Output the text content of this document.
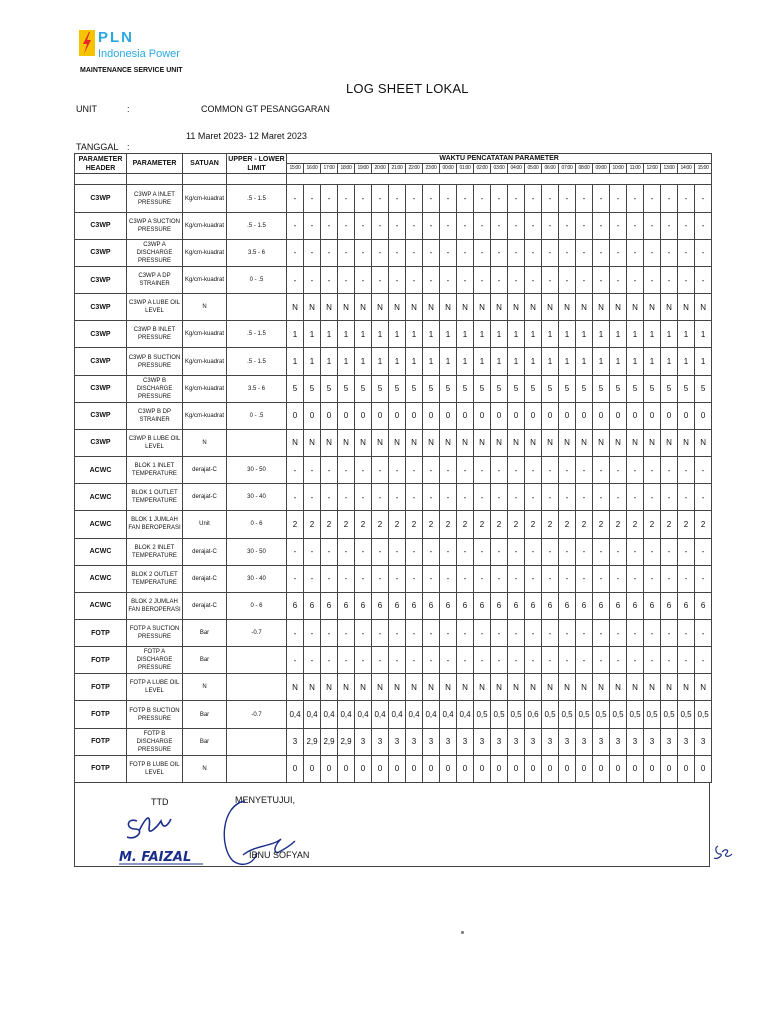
PLN
Indonesia Power
MAINTENANCE SERVICE UNIT
LOG SHEET LOKAL
UNIT	:	COMMON GT PESANGGARAN
11 Maret 2023- 12 Maret 2023
TANGGAL :
PARAMETER HEADER	PARAMETER	SATUAN	UPPER - LOWER LIMIT	WAKTU PENCATATAN PARAMETER																								
				15:00	16:00	17:00	18:00	19:00	20:00	21:00	22:00	23:00	00:00	01:00	02:00	03:00	04:00	05:00	06:00	07:00	08:00	09:00	10:00	11:00	12:00	13:00	14:00	15:00

C3WP	C3WP A INLET PRESSURE	Kg/cm-kuadrat	.5 - 1.5	-	-	-	-	-	-	-	-	-	-	-	-	-	-	-	-	-	-	-	-	-	-	-	-	-
C3WP	C3WP A SUCTION PRESSURE	Kg/cm-kuadrat	.5 - 1.5	-	-	-	-	-	-	-	-	-	-	-	-	-	-	-	-	-	-	-	-	-	-	-	-	-
C3WP	C3WP A DISCHARGE PRESSURE	Kg/cm-kuadrat	3.5 - 6	-	-	-	-	-	-	-	-	-	-	-	-	-	-	-	-	-	-	-	-	-	-	-	-	-
C3WP	C3WP A DP STRAINER	Kg/cm-kuadrat	0 - .5	-	-	-	-	-	-	-	-	-	-	-	-	-	-	-	-	-	-	-	-	-	-	-	-	-
C3WP	C3WP A LUBE OIL LEVEL	N		N	N	N	N	N	N	N	N	N	N	N	N	N	N	N	N	N	N	N	N	N	N	N	N	N
C3WP	C3WP B INLET PRESSURE	Kg/cm-kuadrat	.5 - 1.5	1	1	1	1	1	1	1	1	1	1	1	1	1	1	1	1	1	1	1	1	1	1	1	1	1
C3WP	C3WP B SUCTION PRESSURE	Kg/cm-kuadrat	.5 - 1.5	1	1	1	1	1	1	1	1	1	1	1	1	1	1	1	1	1	1	1	1	1	1	1	1	1
C3WP	C3WP B DISCHARGE PRESSURE	Kg/cm-kuadrat	3.5 - 6	5	5	5	5	5	5	5	5	5	5	5	5	5	5	5	5	5	5	5	5	5	5	5	5	5
C3WP	C3WP B DP STRAINER	Kg/cm-kuadrat	0 - .5	0	0	0	0	0	0	0	0	0	0	0	0	0	0	0	0	0	0	0	0	0	0	0	0	0
C3WP	C3WP B LUBE OIL LEVEL	N		N	N	N	N	N	N	N	N	N	N	N	N	N	N	N	N	N	N	N	N	N	N	N	N	N
ACWC	BLOK 1 INLET TEMPERATURE	derajat-C	30 - 50	-	-	-	-	-	-	-	-	-	-	-	-	-	-	-	-	-	-	-	-	-	-	-	-	-
ACWC	BLOK 1 OUTLET TEMPERATURE	derajat-C	30 - 40	-	-	-	-	-	-	-	-	-	-	-	-	-	-	-	-	-	-	-	-	-	-	-	-	-
ACWC	BLOK 1 JUMLAH FAN BEROPERASI	Unit	0 - 6	2	2	2	2	2	2	2	2	2	2	2	2	2	2	2	2	2	2	2	2	2	2	2	2	2
ACWC	BLOK 2 INLET TEMPERATURE	derajat-C	30 - 50	-	-	-	-	-	-	-	-	-	-	-	-	-	-	-	-	-	-	-	-	-	-	-	-	-
ACWC	BLOK 2 OUTLET TEMPERATURE	derajat-C	30 - 40	-	-	-	-	-	-	-	-	-	-	-	-	-	-	-	-	-	-	-	-	-	-	-	-	-
ACWC	BLOK 2 JUMLAH FAN BEROPERASI	derajat-C	0 - 6	6	6	6	6	6	6	6	6	6	6	6	6	6	6	6	6	6	6	6	6	6	6	6	6	6
FOTP	FOTP A SUCTION PRESSURE	Bar	-0.7	-	-	-	-	-	-	-	-	-	-	-	-	-	-	-	-	-	-	-	-	-	-	-	-	-
FOTP	FOTP A DISCHARGE PRESSURE	Bar		-	-	-	-	-	-	-	-	-	-	-	-	-	-	-	-	-	-	-	-	-	-	-	-	-
FOTP	FOTP A LUBE OIL LEVEL	N		N	N	N	N	N	N	N	N	N	N	N	N	N	N	N	N	N	N	N	N	N	N	N	N	N
FOTP	FOTP B SUCTION PRESSURE	Bar	-0.7	0,4	0,4	0,4	0,4	0,4	0,4	0,4	0,4	0,4	0,4	0,4	0,5	0,5	0,5	0,6	0,5	0,5	0,5	0,5	0,5	0,5	0,5	0,5	0,5	0,5
FOTP	FOTP B DISCHARGE PRESSURE	Bar		3	2,9	2,9	2,9	3	3	3	3	3	3	3	3	3	3	3	3	3	3	3	3	3	3	3	3	3
FOTP	FOTP B LUBE OIL LEVEL	N		0	0	0	0	0	0	0	0	0	0	0	0	0	0	0	0	0	0	0	0	0	0	0	0	0
TTD
M. FAIZAL
MENYETUJUI,
IBNU SOFYAN
